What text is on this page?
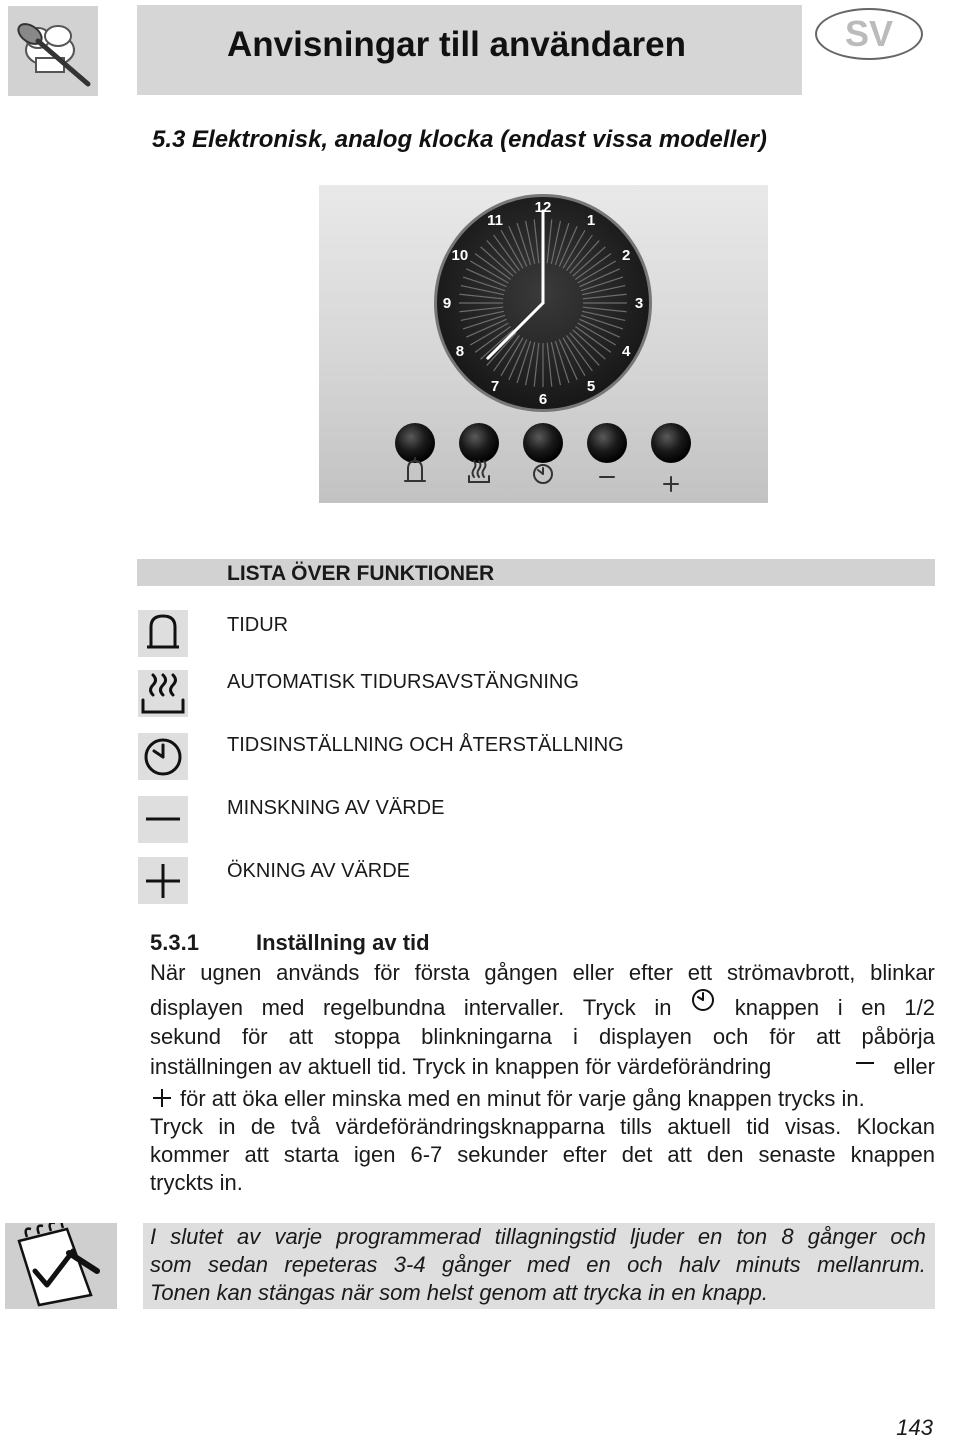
Anvisningar till användaren	SV
5.3 Elektronisk, analog klocka (endast vissa modeller)
12
1
2
3
4
5
6
7
8
9
10
11
LISTA ÖVER FUNKTIONER
TIDUR
AUTOMATISK TIDURSAVSTÄNGNING
TIDSINSTÄLLNING OCH ÅTERSTÄLLNING
MINSKNING AV VÄRDE
ÖKNING AV VÄRDE
5.3.1	Inställning av tid
När ugnen används för första gången eller efter ett strömavbrott, blinkar
displayen med regelbundna intervaller. Tryck in	knappen i en 1/2
sekund för att stoppa blinkningarna i displayen och för att påbörja
inställningen av aktuell tid. Tryck in knappen för värdeförändring	eller
för att öka eller minska med en minut för varje gång knappen trycks in.
Tryck in de två värdeförändringsknapparna tills aktuell tid visas. Klockan
kommer att starta igen 6-7 sekunder efter det att den senaste knappen
tryckts in.
I slutet av varje programmerad tillagningstid ljuder en ton 8 gånger och
som sedan repeteras 3-4 gånger med en och halv minuts mellanrum.
Tonen kan stängas när som helst genom att trycka in en knapp.
143
